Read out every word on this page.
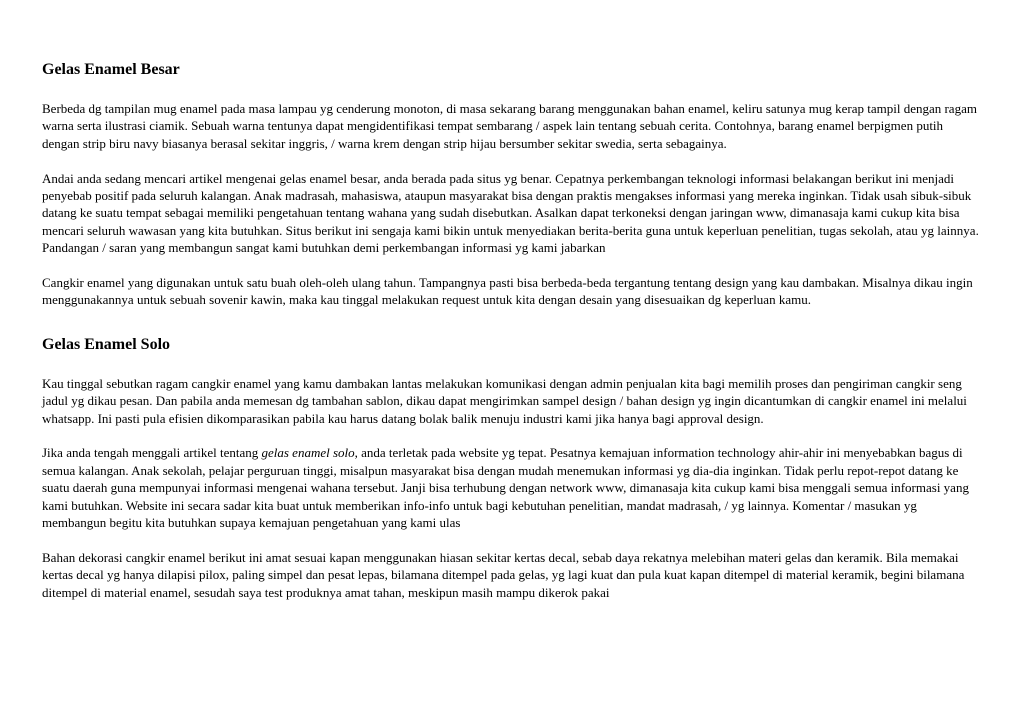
Gelas Enamel Besar

Berbeda dg tampilan mug enamel pada masa lampau yg cenderung monoton, di masa sekarang barang menggunakan bahan enamel, keliru satunya mug kerap tampil dengan ragam warna serta ilustrasi ciamik. Sebuah warna tentunya dapat mengidentifikasi tempat sembarang / aspek lain tentang sebuah cerita. Contohnya, barang enamel berpigmen putih dengan strip biru navy biasanya berasal sekitar inggris, / warna krem dengan strip hijau bersumber sekitar swedia, serta sebagainya.

Andai anda sedang mencari artikel mengenai gelas enamel besar, anda berada pada situs yg benar. Cepatnya perkembangan teknologi informasi belakangan berikut ini menjadi penyebab positif pada seluruh kalangan. Anak madrasah, mahasiswa, ataupun masyarakat bisa dengan praktis mengakses informasi yang mereka inginkan. Tidak usah sibuk-sibuk datang ke suatu tempat sebagai memiliki pengetahuan tentang wahana yang sudah disebutkan. Asalkan dapat terkoneksi dengan jaringan www, dimanasaja kami cukup kita bisa mencari seluruh wawasan yang kita butuhkan. Situs berikut ini sengaja kami bikin untuk menyediakan berita-berita guna untuk keperluan penelitian, tugas sekolah, atau yg lainnya. Pandangan / saran yang membangun sangat kami butuhkan demi perkembangan informasi yg kami jabarkan

Cangkir enamel yang digunakan untuk satu buah oleh-oleh ulang tahun. Tampangnya pasti bisa berbeda-beda tergantung tentang design yang kau dambakan. Misalnya dikau ingin menggunakannya untuk sebuah sovenir kawin, maka kau tinggal melakukan request untuk kita dengan desain yang disesuaikan dg keperluan kamu.

Gelas Enamel Solo

Kau tinggal sebutkan ragam cangkir enamel yang kamu dambakan lantas melakukan komunikasi dengan admin penjualan kita bagi memilih proses dan pengiriman cangkir seng jadul yg dikau pesan. Dan pabila anda memesan dg tambahan sablon, dikau dapat mengirimkan sampel design / bahan design yg ingin dicantumkan di cangkir enamel ini melalui whatsapp. Ini pasti pula efisien dikomparasikan pabila kau harus datang bolak balik menuju industri kami jika hanya bagi approval design.

Jika anda tengah menggali artikel tentang gelas enamel solo, anda terletak pada website yg tepat. Pesatnya kemajuan information technology ahir-ahir ini menyebabkan bagus di semua kalangan. Anak sekolah, pelajar perguruan tinggi, misalpun masyarakat bisa dengan mudah menemukan informasi yg dia-dia inginkan. Tidak perlu repot-repot datang ke suatu daerah guna mempunyai informasi mengenai wahana tersebut. Janji bisa terhubung dengan network www, dimanasaja kita cukup kami bisa menggali semua informasi yang kami butuhkan. Website ini secara sadar kita buat untuk memberikan info-info untuk bagi kebutuhan penelitian, mandat madrasah, / yg lainnya. Komentar / masukan yg membangun begitu kita butuhkan supaya kemajuan pengetahuan yang kami ulas

Bahan dekorasi cangkir enamel berikut ini amat sesuai kapan menggunakan hiasan sekitar kertas decal, sebab daya rekatnya melebihan materi gelas dan keramik. Bila memakai kertas decal yg hanya dilapisi pilox, paling simpel dan pesat lepas, bilamana ditempel pada gelas, yg lagi kuat dan pula kuat kapan ditempel di material keramik, begini bilamana ditempel di material enamel, sesudah saya test produknya amat tahan, meskipun masih mampu dikerok pakai
